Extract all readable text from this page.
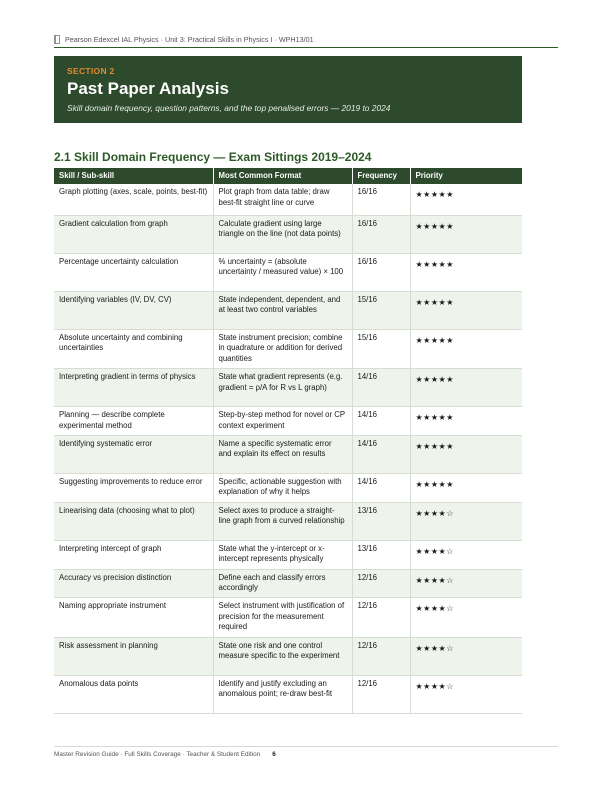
Pearson Edexcel IAL Physics · Unit 3: Practical Skills in Physics I · WPH13/01
SECTION 2
Past Paper Analysis
Skill domain frequency, question patterns, and the top penalised errors — 2019 to 2024
2.1 Skill Domain Frequency — Exam Sittings 2019–2024
Skill / Sub-skill	Most Common Format	Frequency	Priority
Graph plotting (axes, scale, points, best-fit)	Plot graph from data table; draw best-fit straight line or curve	16/16	★★★★★
Gradient calculation from graph	Calculate gradient using large triangle on the line (not data points)	16/16	★★★★★
Percentage uncertainty calculation	% uncertainty = (absolute uncertainty / measured value) × 100	16/16	★★★★★
Identifying variables (IV, DV, CV)	State independent, dependent, and at least two control variables	15/16	★★★★★
Absolute uncertainty and combining uncertainties	State instrument precision; combine in quadrature or addition for derived quantities	15/16	★★★★★
Interpreting gradient in terms of physics	State what gradient represents (e.g. gradient = ρ/A for R vs L graph)	14/16	★★★★★
Planning — describe complete experimental method	Step-by-step method for novel or CP context experiment	14/16	★★★★★
Identifying systematic error	Name a specific systematic error and explain its effect on results	14/16	★★★★★
Suggesting improvements to reduce error	Specific, actionable suggestion with explanation of why it helps	14/16	★★★★★
Linearising data (choosing what to plot)	Select axes to produce a straight-line graph from a curved relationship	13/16	★★★★☆
Interpreting intercept of graph	State what the y-intercept or x-intercept represents physically	13/16	★★★★☆
Accuracy vs precision distinction	Define each and classify errors accordingly	12/16	★★★★☆
Naming appropriate instrument	Select instrument with justification of precision for the measurement required	12/16	★★★★☆
Risk assessment in planning	State one risk and one control measure specific to the experiment	12/16	★★★★☆
Anomalous data points	Identify and justify excluding an anomalous point; re-draw best-fit	12/16	★★★★☆
Master Revision Guide · Full Skills Coverage · Teacher & Student Edition 6
